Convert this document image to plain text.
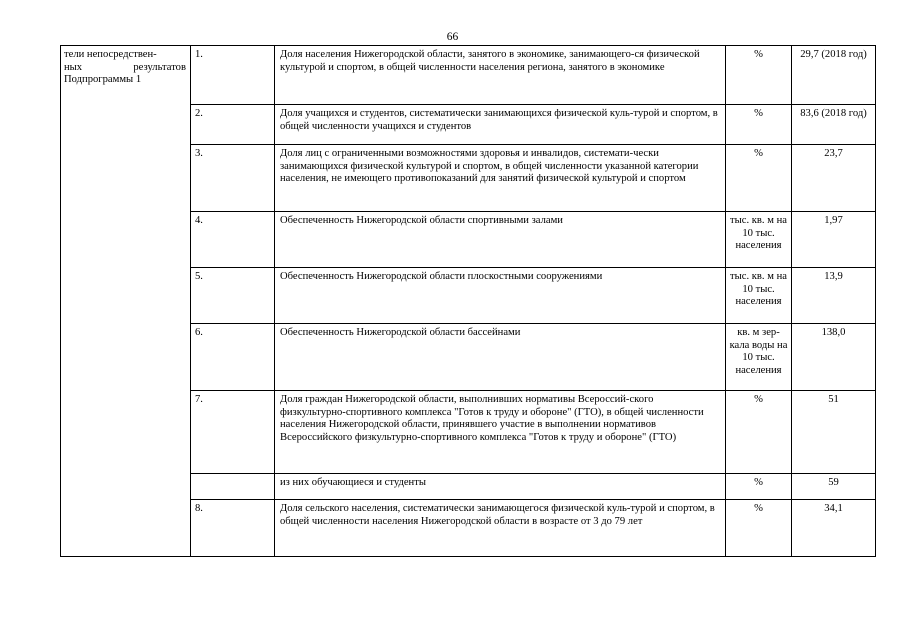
66
тели непосредствен-
ных результатов
Подпрограммы 1	1.	Доля населения Нижегородской области, занятого в экономике, занимающего-ся физической культурой и спортом, в общей численности населения региона, занятого в экономике	%	29,7 (2018 год)
	2.	Доля учащихся и студентов, систематически занимающихся физической куль-турой и спортом, в общей численности учащихся и студентов	%	83,6 (2018 год)
	3.	Доля лиц с ограниченными возможностями здоровья и инвалидов, системати-чески занимающихся физической культурой и спортом, в общей численности указанной категории населения, не имеющего противопоказаний для занятий физической культурой и спортом	%	23,7
	4.	Обеспеченность Нижегородской области спортивными залами	тыс. кв. м на 10 тыс. населения	1,97
	5.	Обеспеченность Нижегородской области плоскостными сооружениями	тыс. кв. м на 10 тыс. населения	13,9
	6.	Обеспеченность Нижегородской области бассейнами	кв. м зер-кала воды на 10 тыс. населения	138,0
	7.	Доля граждан Нижегородской области, выполнивших нормативы Всероссий-ского физкультурно-спортивного комплекса "Готов к труду и обороне" (ГТО), в общей численности населения Нижегородской области, принявшего участие в выполнении нормативов Всероссийского физкультурно-спортивного комплекса "Готов к труду и обороне" (ГТО)	%	51
		из них обучающиеся и студенты	%	59
	8.	Доля сельского населения, систематически занимающегося физической куль-турой и спортом, в общей численности населения Нижегородской области в возрасте от 3 до 79 лет	%	34,1
